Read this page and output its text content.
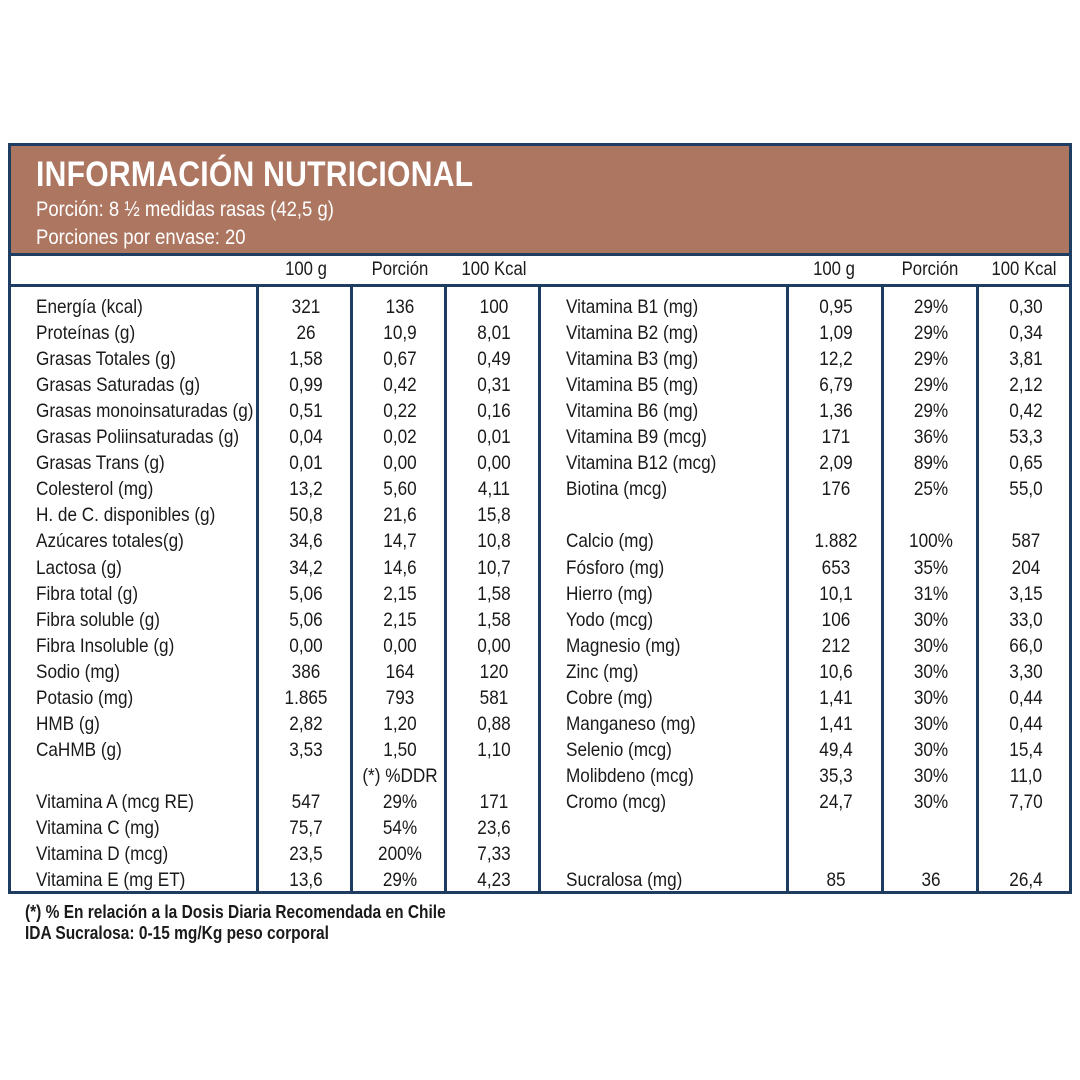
INFORMACIÓN NUTRICIONAL
Porción: 8 ½ medidas rasas (42,5 g)
Porciones por envase: 20
100 g	Porción	100 Kcal	100 g	Porción	100 Kcal
Energía (kcal)	321	136	100
Proteínas (g)	26	10,9	8,01
Grasas Totales (g)	1,58	0,67	0,49
Grasas Saturadas (g)	0,99	0,42	0,31
Grasas monoinsaturadas (g)	0,51	0,22	0,16
Grasas Poliinsaturadas (g)	0,04	0,02	0,01
Grasas Trans (g)	0,01	0,00	0,00
Colesterol (mg)	13,2	5,60	4,11
H. de C. disponibles (g)	50,8	21,6	15,8
Azúcares totales(g)	34,6	14,7	10,8
Lactosa (g)	34,2	14,6	10,7
Fibra total (g)	5,06	2,15	1,58
Fibra soluble (g)	5,06	2,15	1,58
Fibra Insoluble (g)	0,00	0,00	0,00
Sodio (mg)	386	164	120
Potasio (mg)	1.865	793	581
HMB (g)	2,82	1,20	0,88
CaHMB (g)	3,53	1,50	1,10
(*) %DDR
Vitamina A (mcg RE)	547	29%	171
Vitamina C (mg)	75,7	54%	23,6
Vitamina D (mcg)	23,5	200%	7,33
Vitamina E (mg ET)	13,6	29%	4,23
Vitamina B1 (mg)	0,95	29%	0,30
Vitamina B2 (mg)	1,09	29%	0,34
Vitamina B3 (mg)	12,2	29%	3,81
Vitamina B5 (mg)	6,79	29%	2,12
Vitamina B6 (mg)	1,36	29%	0,42
Vitamina B9 (mcg)	171	36%	53,3
Vitamina B12 (mcg)	2,09	89%	0,65
Biotina (mcg)	176	25%	55,0
Calcio (mg)	1.882	100%	587
Fósforo (mg)	653	35%	204
Hierro (mg)	10,1	31%	3,15
Yodo (mcg)	106	30%	33,0
Magnesio (mg)	212	30%	66,0
Zinc (mg)	10,6	30%	3,30
Cobre (mg)	1,41	30%	0,44
Manganeso (mg)	1,41	30%	0,44
Selenio (mcg)	49,4	30%	15,4
Molibdeno (mcg)	35,3	30%	11,0
Cromo (mcg)	24,7	30%	7,70
Sucralosa (mg)	85	36	26,4
(*) % En relación a la Dosis Diaria Recomendada en Chile
IDA Sucralosa: 0-15 mg/Kg peso corporal
